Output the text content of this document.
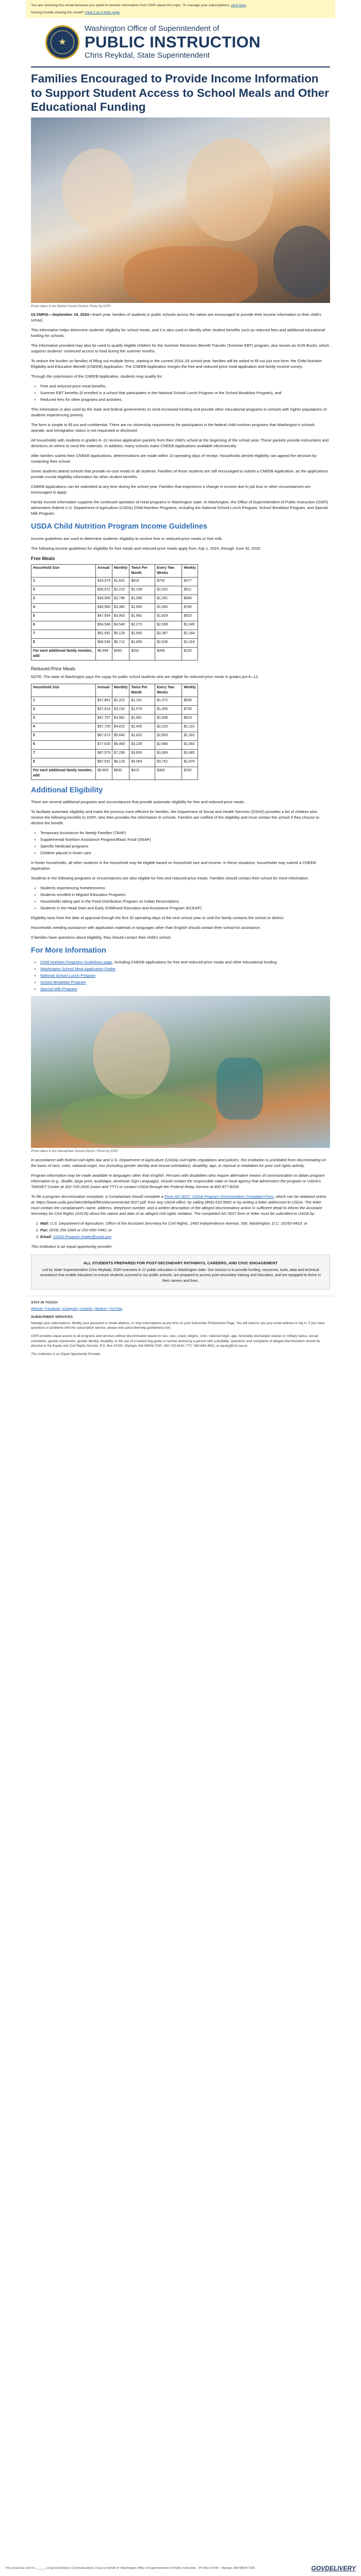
You are receiving this email because you opted to receive information from OSPI about this topic. To manage your subscriptions, click here.
Having trouble viewing this email? View it as a Web page
★
Washington Office of Superintendent of
PUBLIC INSTRUCTION
Chris Reykdal, State Superintendent
Families Encouraged to Provide Income Information to Support Student Access to School Meals and Other Educational Funding
Photo taken in the Bethel School District. Photo by OSPI.

OLYMPIA—September 19, 2024—Each year, families of students in public schools across the nation are encouraged to provide their income information to their child's school.

This information helps determine students' eligibility for school meals, and it is also used to identify other student benefits such as reduced fees and additional educational funding for schools.

The information provided may also be used to qualify eligible children for the Summer Electronic Benefit Transfer (Summer EBT) program, also known as SUN Bucks, which supports students' continued access to food during the summer months.

To reduce the burden on families of filling out multiple forms, starting in the current 2024–25 school year, families will be asked to fill out just one form: the Child Nutrition Eligibility and Education Benefit (CNEEB) Application. The CNEEB Application merges the free and reduced-price meal application and family income survey.

Through the submission of the CNEEB Application, students may qualify for:

• Free and reduced-price meal benefits,
• Summer EBT benefits (if enrolled in a school that participates in the National School Lunch Program or the School Breakfast Program), and
• Reduced fees for other programs and activities.

This information is also used by the state and federal governments to send increased funding and provide other educational programs in schools with higher populations of students experiencing poverty.

The form is simple to fill out and confidential. There are no citizenship requirements for participation in the federal child nutrition programs that Washington's schools operate, and immigration status is not requested or disclosed.

All households with students in grades K–12 receive application packets from their child's school at the beginning of the school year. These packets provide instructions and directions on where to send the materials. In addition, many schools make CNEEB Applications available electronically.

After families submit their CNEEB Applications, determinations are made within 10 operating days of receipt. Households denied eligibility can appeal the decision by contacting their school.

Some students attend schools that provide no-cost meals to all students. Families of those students are still encouraged to submit a CNEEB Application, as the applications provide crucial eligibility information for other student benefits.

CNEEB Applications can be submitted at any time during the school year. Families that experience a change in income due to job loss or other circumstances are encouraged to apply.

Family income information supports the continued operation of meal programs in Washington state. In Washington, the Office of Superintendent of Public Instruction (OSPI) administers federal U.S. Department of Agriculture (USDA) Child Nutrition Programs, including the National School Lunch Program, School Breakfast Program, and Special Milk Program.

USDA Child Nutrition Program Income Guidelines

Income guidelines are used to determine students' eligibility to receive free or reduced-price meals or free milk.

The following income guidelines for eligibility for free meals and reduced-price meals apply from July 1, 2024, through June 30, 2025.

Free Meals
Household Size	Annual	Monthly	Twice Per Month	Every Two Weeks	Weekly
1	$19,578	$1,632	$816	$753	$377
2	$26,572	$2,215	$1,108	$1,022	$511
3	$33,566	$2,798	$1,399	$1,291	$646
4	$40,560	$3,380	$1,690	$1,560	$780
5	$47,554	$3,963	$1,982	$1,829	$915
6	$54,548	$4,546	$2,273	$2,098	$1,049
7	$61,542	$5,129	$2,565	$2,367	$1,184
8	$68,536	$5,712	$2,856	$2,636	$1,318
For each additional family member, add:	$6,994	$583	$292	$269	$135
Reduced-Price Meals

NOTE: The state of Washington pays the copay for public school students who are eligible for reduced-price meals in grades pre-K–12.

Household Size	Annual	Monthly	Twice Per Month	Every Two Weeks	Weekly
1	$27,861	$2,322	$1,161	$1,072	$536
2	$37,814	$3,152	$1,576	$1,455	$728
3	$47,767	$3,981	$1,991	$1,838	$919
4	$57,720	$4,810	$2,405	$2,220	$1,110
5	$67,673	$5,640	$2,820	$2,603	$1,302
6	$77,626	$6,469	$3,235	$2,986	$1,493
7	$87,579	$7,299	$3,650	$3,369	$1,685
8	$97,532	$8,128	$4,064	$3,752	$1,876
For each additional family member, add:	$9,953	$830	$415	$383	$192
Additional Eligibility

There are several additional programs and circumstances that provide automatic eligibility for free and reduced-price meals.

To facilitate automatic eligibility and make the process more efficient for families, the Department of Social and Health Services (DSHS) provides a list of children who receive the following benefits to OSPI, who then provides the information to schools. Families are notified of the eligibility and must contact the school if they choose to decline the benefit.

• Temporary Assistance for Needy Families (TANF)
• Supplemental Nutrition Assistance Program/Basic Food (SNAP)
• Specific Medicaid programs
• Children placed in foster care

In foster households, all other students in the household may be eligible based on household size and income. In these situations, households may submit a CNEEB Application.

Students in the following programs or circumstances are also eligible for free and reduced-price meals. Families should contact their school for more information.

• Students experiencing homelessness
• Students enrolled in Migrant Education Programs
• Households taking part in the Food Distribution Program on Indian Reservations
• Students in the Head Start and Early Childhood Education and Assistance Program (ECEAP)

Eligibility lasts from the date of approval through the first 30 operating days of the next school year or until the family contacts the school or district.

Households needing assistance with application materials in languages other than English should contact their school for assistance.

If families have questions about eligibility, they should contact their child's school.

For More Information
• Child Nutrition Programs Guidelines page, including CNEEB applications for free and reduced-price meals and other educational funding
• Washington School Meal Application Finder
• National School Lunch Program
• School Breakfast Program
• Special Milk Program
Photo taken in the Wenatchee School District. Photo by OSPI.

In accordance with federal civil rights law and U.S. Department of Agriculture (USDA) civil rights regulations and policies, this institution is prohibited from discriminating on the basis of race, color, national origin, sex (including gender identity and sexual orientation), disability, age, or reprisal or retaliation for prior civil rights activity.

Program information may be made available in languages other than English. Persons with disabilities who require alternative means of communication to obtain program information (e.g., Braille, large print, audiotape, American Sign Language), should contact the responsible state or local agency that administers the program or USDA's TARGET Center at 202-720-2600 (voice and TTY) or contact USDA through the Federal Relay Service at 800-877-8339.

To file a program discrimination complaint, a Complainant should complete a Form AD-3027, USDA Program Discrimination Complaint Form, which can be obtained online at: https://www.usda.gov/sites/default/files/documents/ad-3027.pdf, from any USDA office, by calling (866) 632-9992 or by writing a letter addressed to USDA. The letter must contain the complainant's name, address, telephone number, and a written description of the alleged discriminatory action in sufficient detail to inform the Assistant Secretary for Civil Rights (ASCR) about the nature and date of an alleged civil rights violation. The completed AD-3027 form or letter must be submitted to USDA by:

1. Mail: U.S. Department of Agriculture, Office of the Assistant Secretary for Civil Rights, 1400 Independence Avenue, SW, Washington, D.C. 20250-9410; or
2. Fax: (833) 256-1665 or 202-690-7442; or
3. Email: USDA Program Intake@usda.gov

This institution is an equal opportunity provider.

ALL STUDENTS PREPARED FOR POST-SECONDARY PATHWAYS, CAREERS, AND CIVIC ENGAGEMENT
Led by State Superintendent Chris Reykdal, OSPI oversees K-12 public education in Washington state. Our mission is to provide funding, resources, tools, data and technical assistance that enable educators to ensure students succeed in our public schools, are prepared to access post-secondary training and education, and are equipped to thrive in their careers and lives.
STAY IN TOUCH
Website | Facebook | Instagram | LinkedIn | Medium | YouTube
SUBSCRIBER SERVICES
Manage your subscriptions. Modify your password or email address, or stop subscriptions at any time on your Subscriber Preferences Page. You will need to use your email address to log in. If you have questions or problems with the subscription service, please visit subscriberhelp.govdelivery.com.
OSPI provides equal access to all programs and services without discrimination based on sex, race, creed, religion, color, national origin, age, honorably discharged veteran or military status, sexual orientation, gender expression, gender identity, disability, or the use of a trained dog guide or service animal by a person with a disability. Questions and complaints of alleged discrimination should be directed to the Equity and Civil Rights Director, P.O. Box 47200, Olympia, WA 98504-7200; 360-725-6162; TTY: 360-664-3631; or equity@k12.wa.us.
This institution is an Equal Opportunity Provider.
This email was sent to ______ using GovDelivery Communications Cloud on behalf of: Washington Office of Superintendent of Public Instruction · PO Box 47200 · Olympia, WA 98504-7200	GOVDELIVERY
